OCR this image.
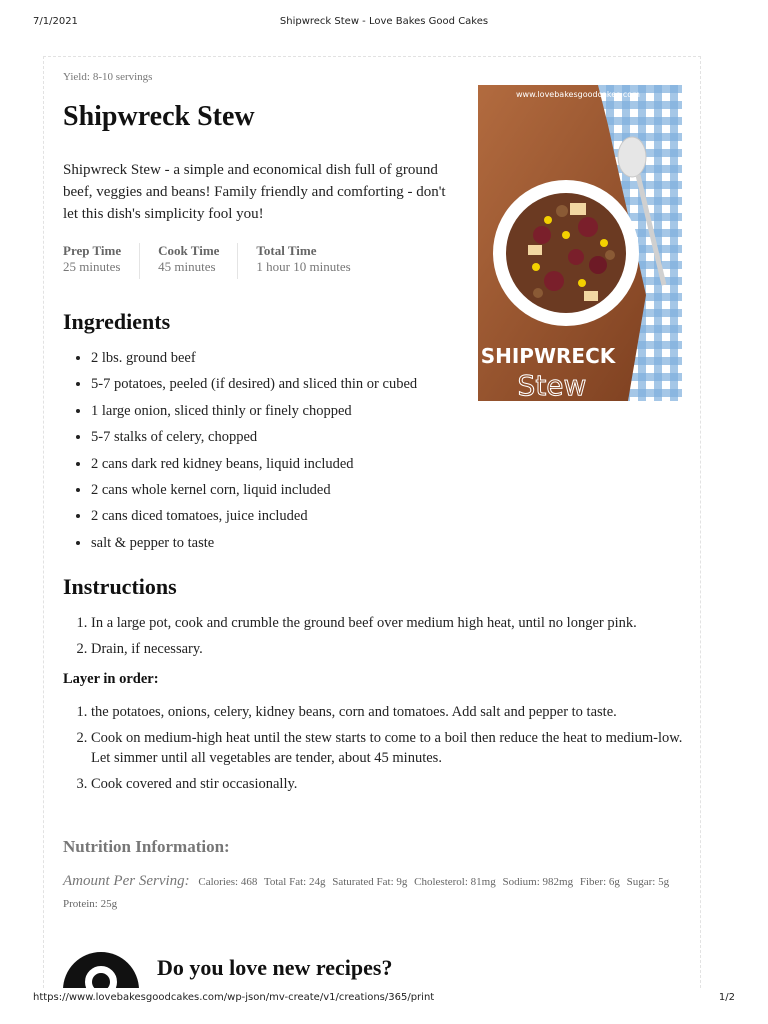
7/1/2021	Shipwreck Stew - Love Bakes Good Cakes
Yield: 8-10 servings
Shipwreck Stew

Shipwreck Stew - a simple and economical dish full of ground beef, veggies and beans! Family friendly and comforting - don't let this dish's simplicity fool you!

Prep Time
25 minutes
Cook Time
45 minutes
Total Time
1 hour 10 minutes
www.lovebakesgoodcakes.com
SHIPWRECK
Stew
Ingredients
• 2 lbs. ground beef
• 5-7 potatoes, peeled (if desired) and sliced thin or cubed
• 1 large onion, sliced thinly or finely chopped
• 5-7 stalks of celery, chopped
• 2 cans dark red kidney beans, liquid included
• 2 cans whole kernel corn, liquid included
• 2 cans diced tomatoes, juice included
• salt & pepper to taste
Instructions
1. In a large pot, cook and crumble the ground beef over medium high heat, until no longer pink.
2. Drain, if necessary.
Layer in order:
1. the potatoes, onions, celery, kidney beans, corn and tomatoes. Add salt and pepper to taste.
2. Cook on medium-high heat until the stew starts to come to a boil then reduce the heat to medium-low. Let simmer until all vegetables are tender, about 45 minutes.
3. Cook covered and stir occasionally.
Nutrition Information:
Amount Per Serving: Calories: 468 Total Fat: 24g Saturated Fat: 9g Cholesterol: 81mg Sodium: 982mg Fiber: 6g Sugar: 5g
Protein: 25g
Do you love new recipes?
https://www.lovebakesgoodcakes.com/wp-json/mv-create/v1/creations/365/print	1/2
